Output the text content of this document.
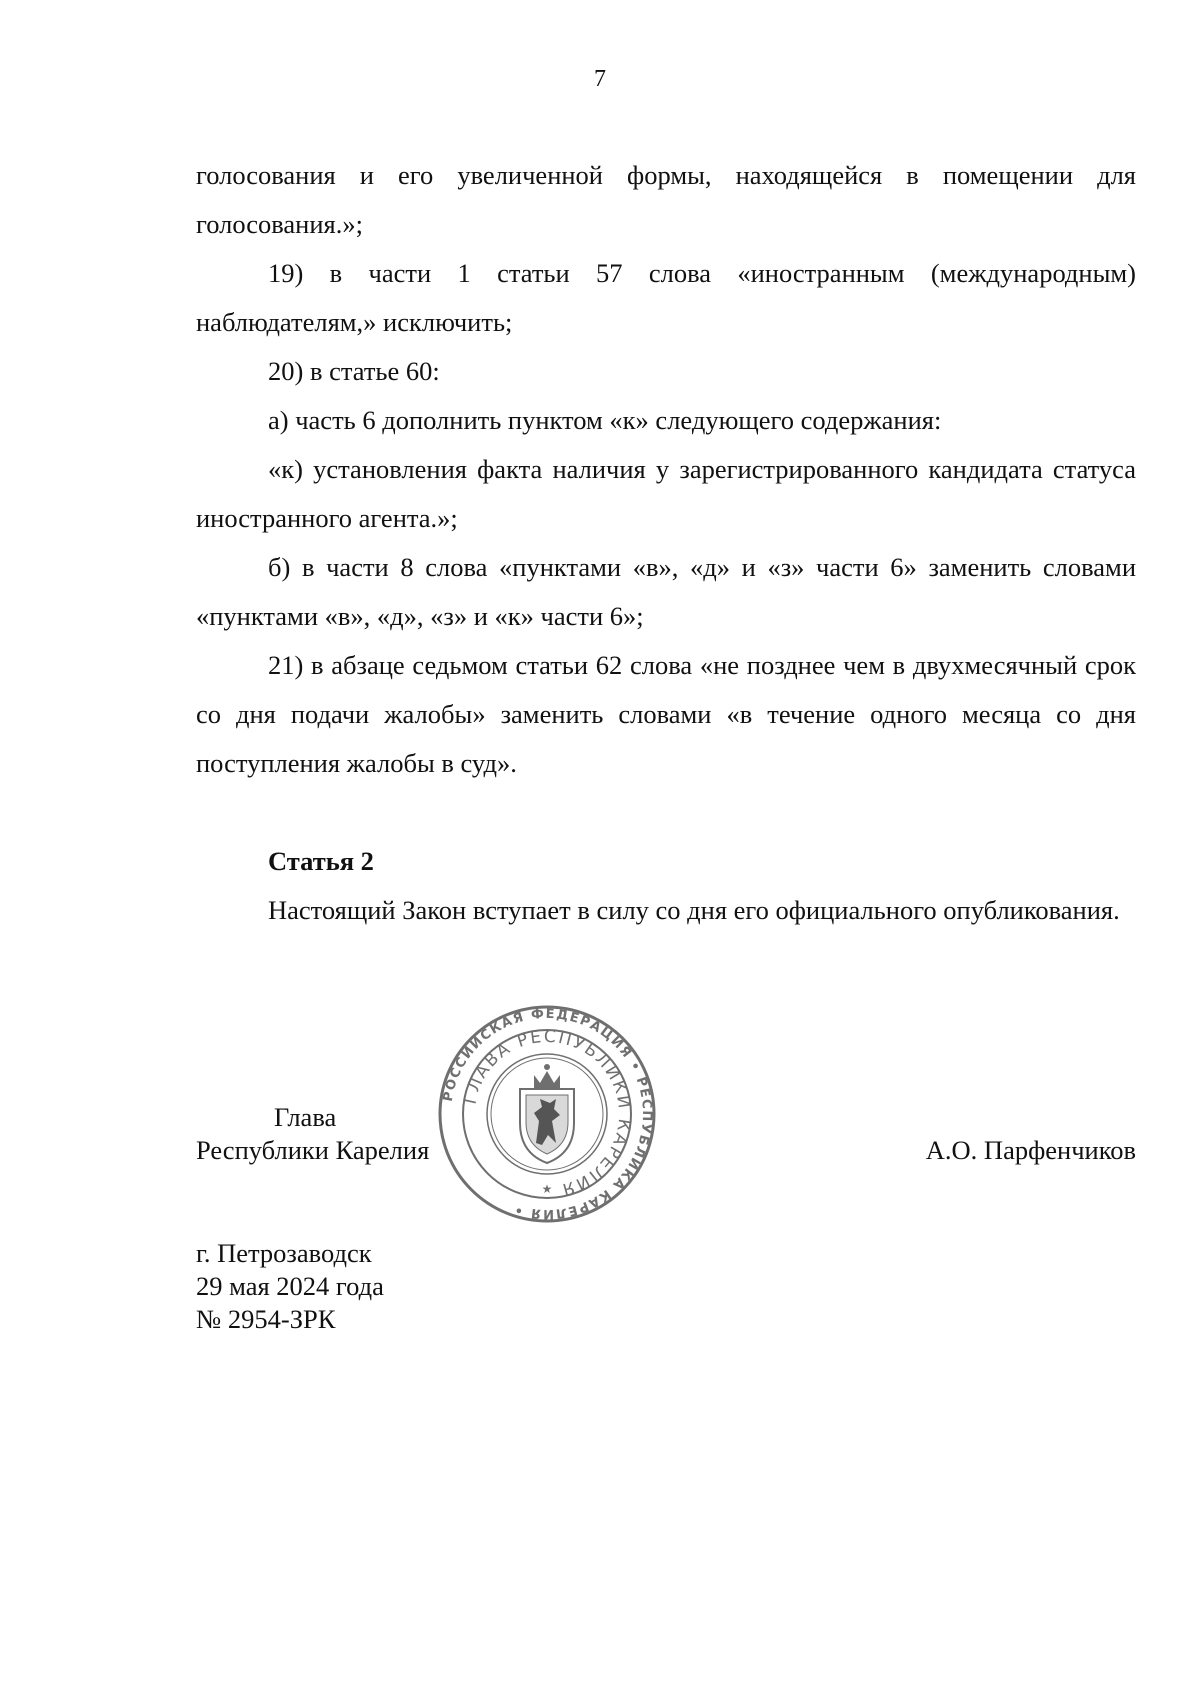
7

голосования и его увеличенной формы, находящейся в помещении для голосования.»;

19) в части 1 статьи 57 слова «иностранным (международным) наблюдателям,» исключить;

20) в статье 60:

а) часть 6 дополнить пунктом «к» следующего содержания:

«к) установления факта наличия у зарегистрированного кандидата статуса иностранного агента.»;

б) в части 8 слова «пунктами «в», «д» и «з» части 6» заменить словами «пунктами «в», «д», «з» и «к» части 6»;

21) в абзаце седьмом статьи 62 слова «не позднее чем в двухмесячный срок со дня подачи жалобы» заменить словами «в течение одного месяца со дня поступления жалобы в суд».

Статья 2

Настоящий Закон вступает в силу со дня его официального опубликования.

Глава
Республики Карелия	А.О. Парфенчиков
РОССИЙСКАЯ ФЕДЕРАЦИЯ • РЕСПУБЛИКА КАРЕЛИЯ •
ГЛАВА РЕСПУБЛИКИ КАРЕЛИЯ
★
г. Петрозаводск
29 мая 2024 года
№ 2954-ЗРК
